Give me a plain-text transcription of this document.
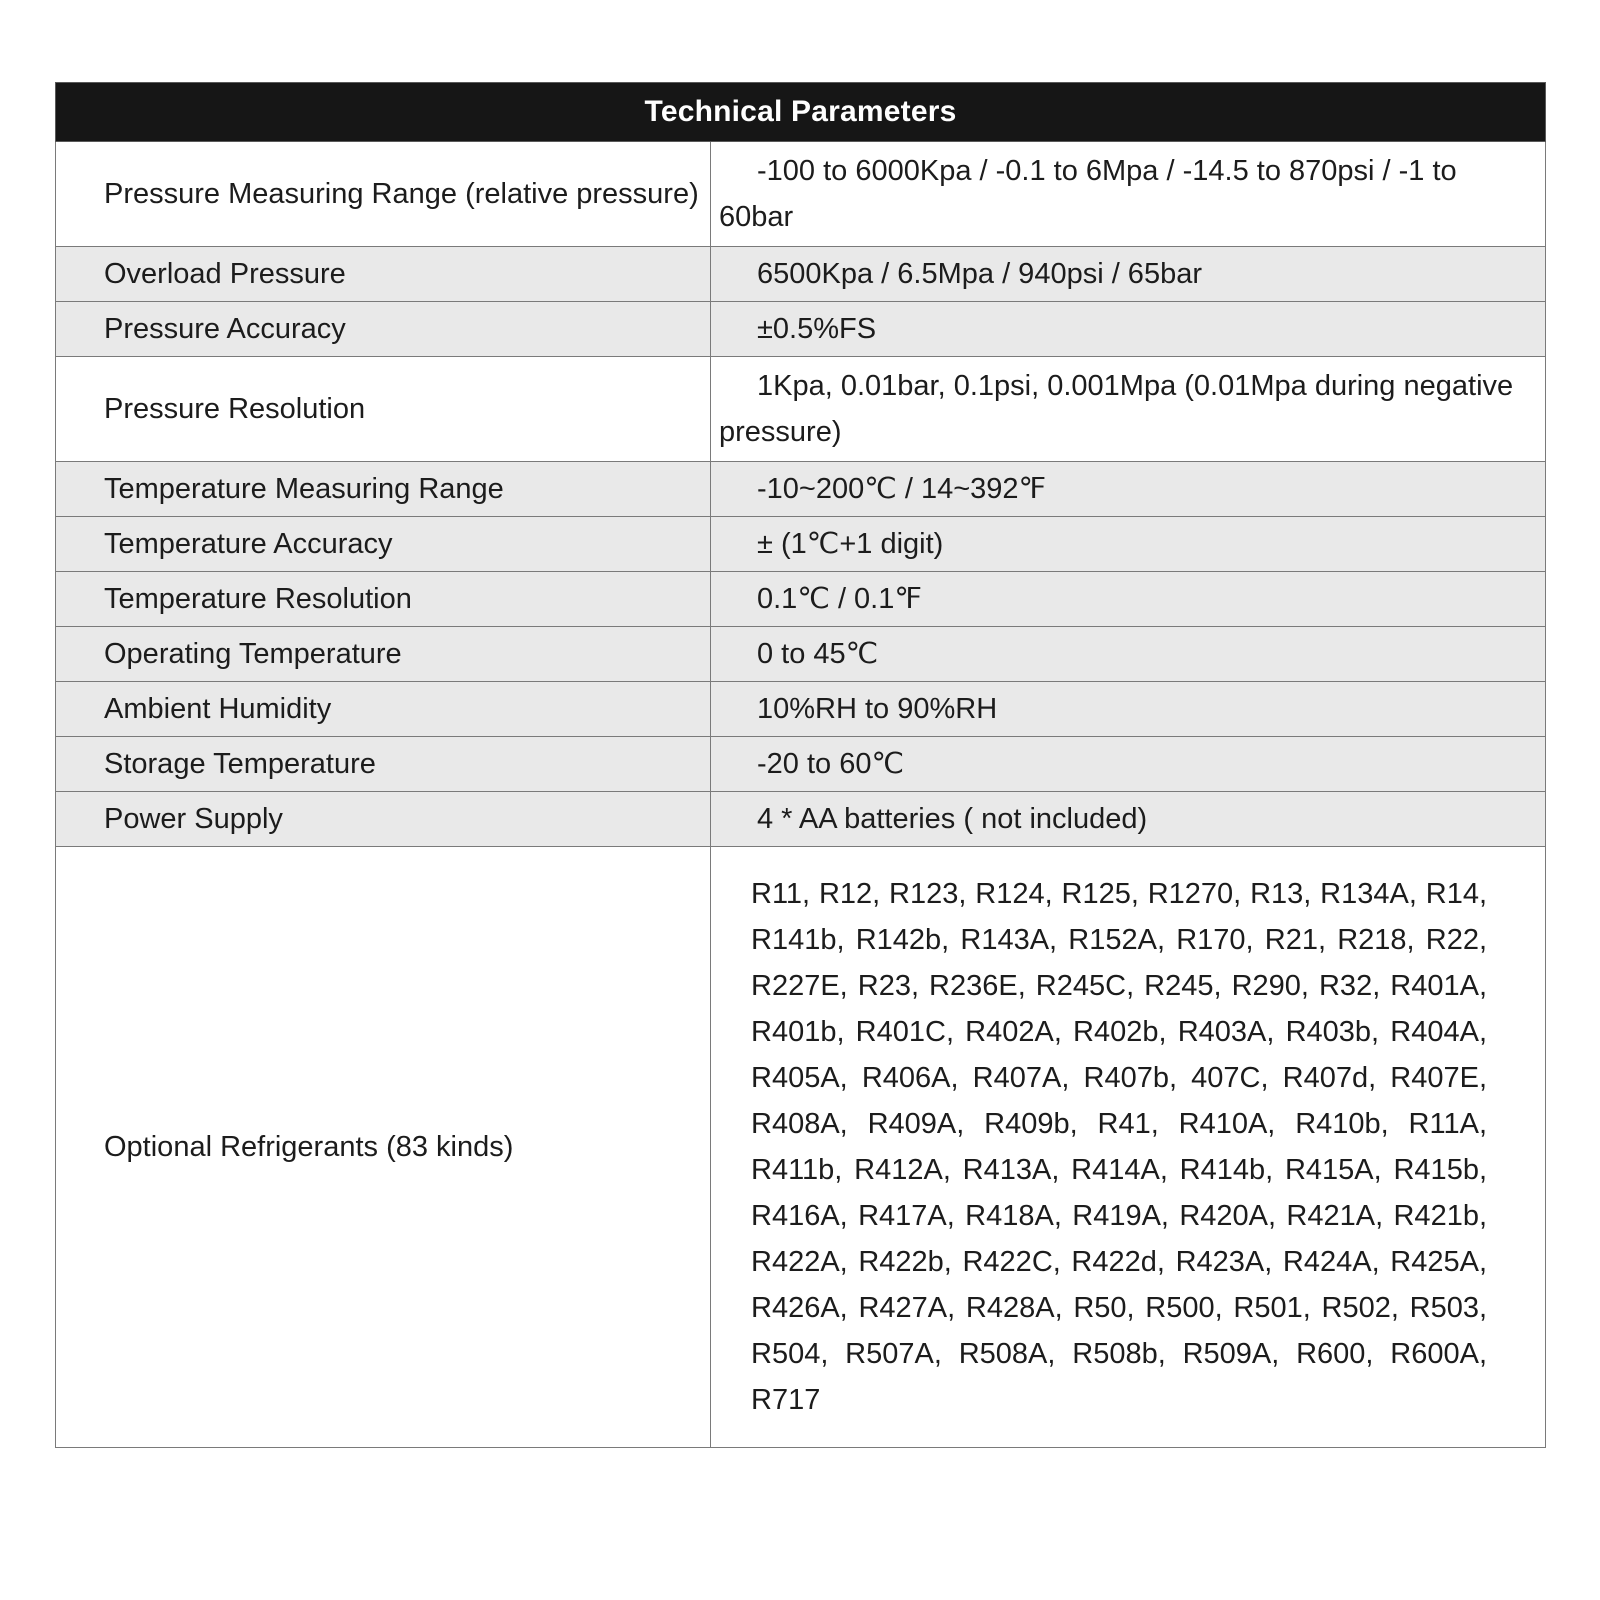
Technical Parameters	
Pressure Measuring Range (relative pressure)	-100 to 6000Kpa / -0.1 to 6Mpa / -14.5 to 870psi / -1 to 60bar
Overload Pressure	6500Kpa / 6.5Mpa / 940psi / 65bar
Pressure Accuracy	±0.5%FS
Pressure Resolution	1Kpa, 0.01bar, 0.1psi, 0.001Mpa (0.01Mpa during negative pressure)
Temperature Measuring Range	-10~200℃ / 14~392℉
Temperature Accuracy	± (1℃+1 digit)
Temperature Resolution	0.1℃ / 0.1℉
Operating Temperature	0 to 45℃
Ambient Humidity	10%RH to 90%RH
Storage Temperature	-20 to 60℃
Power Supply	4 * AA batteries ( not included)
Optional Refrigerants (83 kinds)	R11, R12, R123, R124, R125, R1270, R13, R134A, R14, R141b, R142b, R143A, R152A, R170, R21, R218, R22, R227E, R23, R236E, R245C, R245, R290, R32, R401A, R401b, R401C, R402A, R402b, R403A, R403b, R404A, R405A, R406A, R407A, R407b, 407C, R407d, R407E, R408A, R409A, R409b, R41, R410A, R410b, R11A, R411b, R412A, R413A, R414A, R414b, R415A, R415b, R416A, R417A, R418A, R419A, R420A, R421A, R421b, R422A, R422b, R422C, R422d, R423A, R424A, R425A, R426A, R427A, R428A, R50, R500, R501, R502, R503, R504, R507A, R508A, R508b, R509A, R600, R600A, R717
